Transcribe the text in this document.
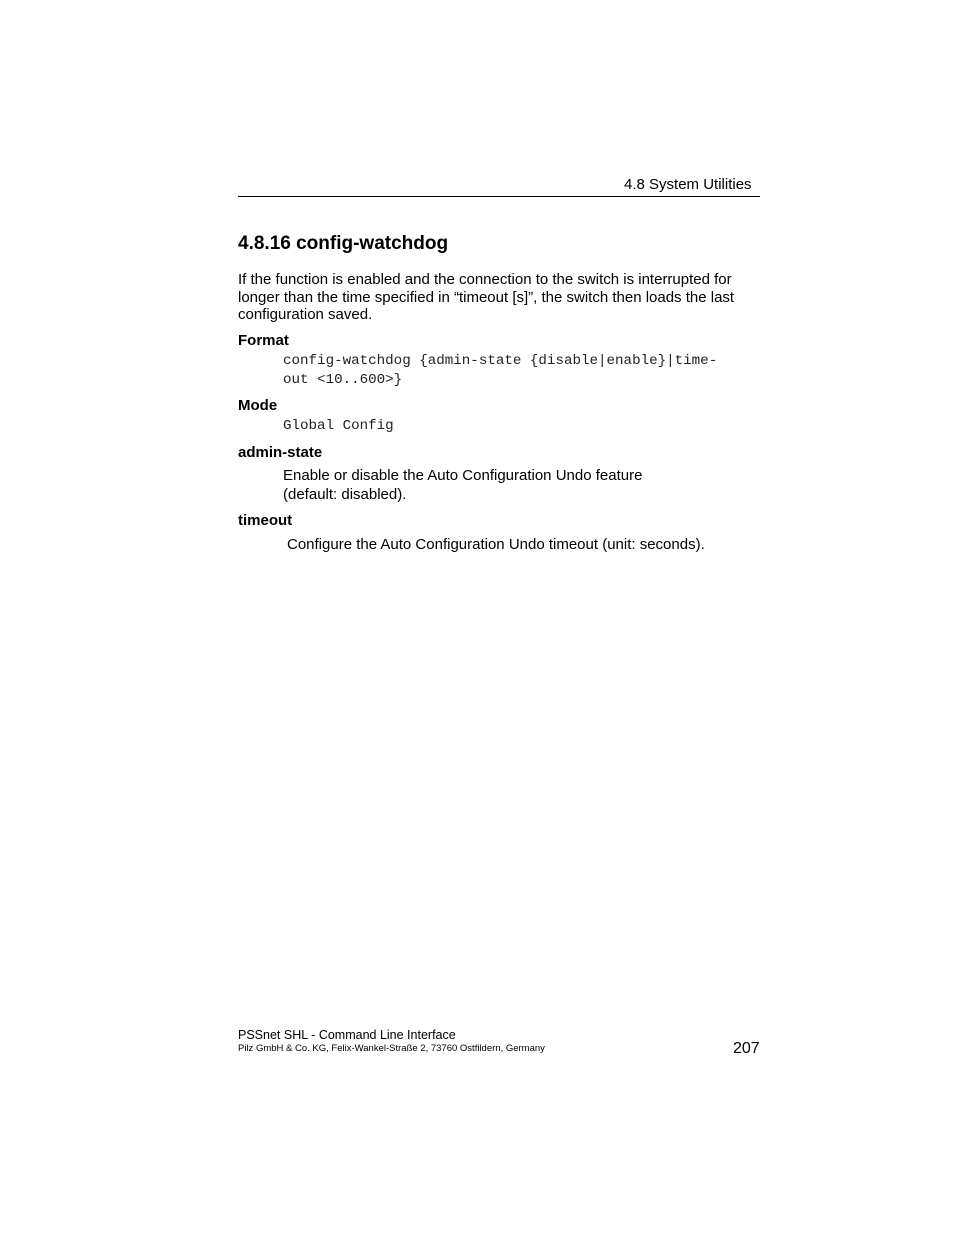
4.8 System Utilities
4.8.16 config-watchdog
If the function is enabled and the connection to the switch is interrupted for
longer than the time specified in “timeout [s]”, the switch then loads the last
configuration saved.
Format
config-watchdog {admin-state {disable|enable}|time-
out <10..600>}
Mode
Global Config
admin-state
Enable or disable the Auto Configuration Undo feature
(default: disabled).
timeout
Configure the Auto Configuration Undo timeout (unit: seconds).
PSSnet SHL - Command Line Interface
Pilz GmbH & Co. KG, Felix-Wankel-Straße 2, 73760 Ostfildern, Germany	207
